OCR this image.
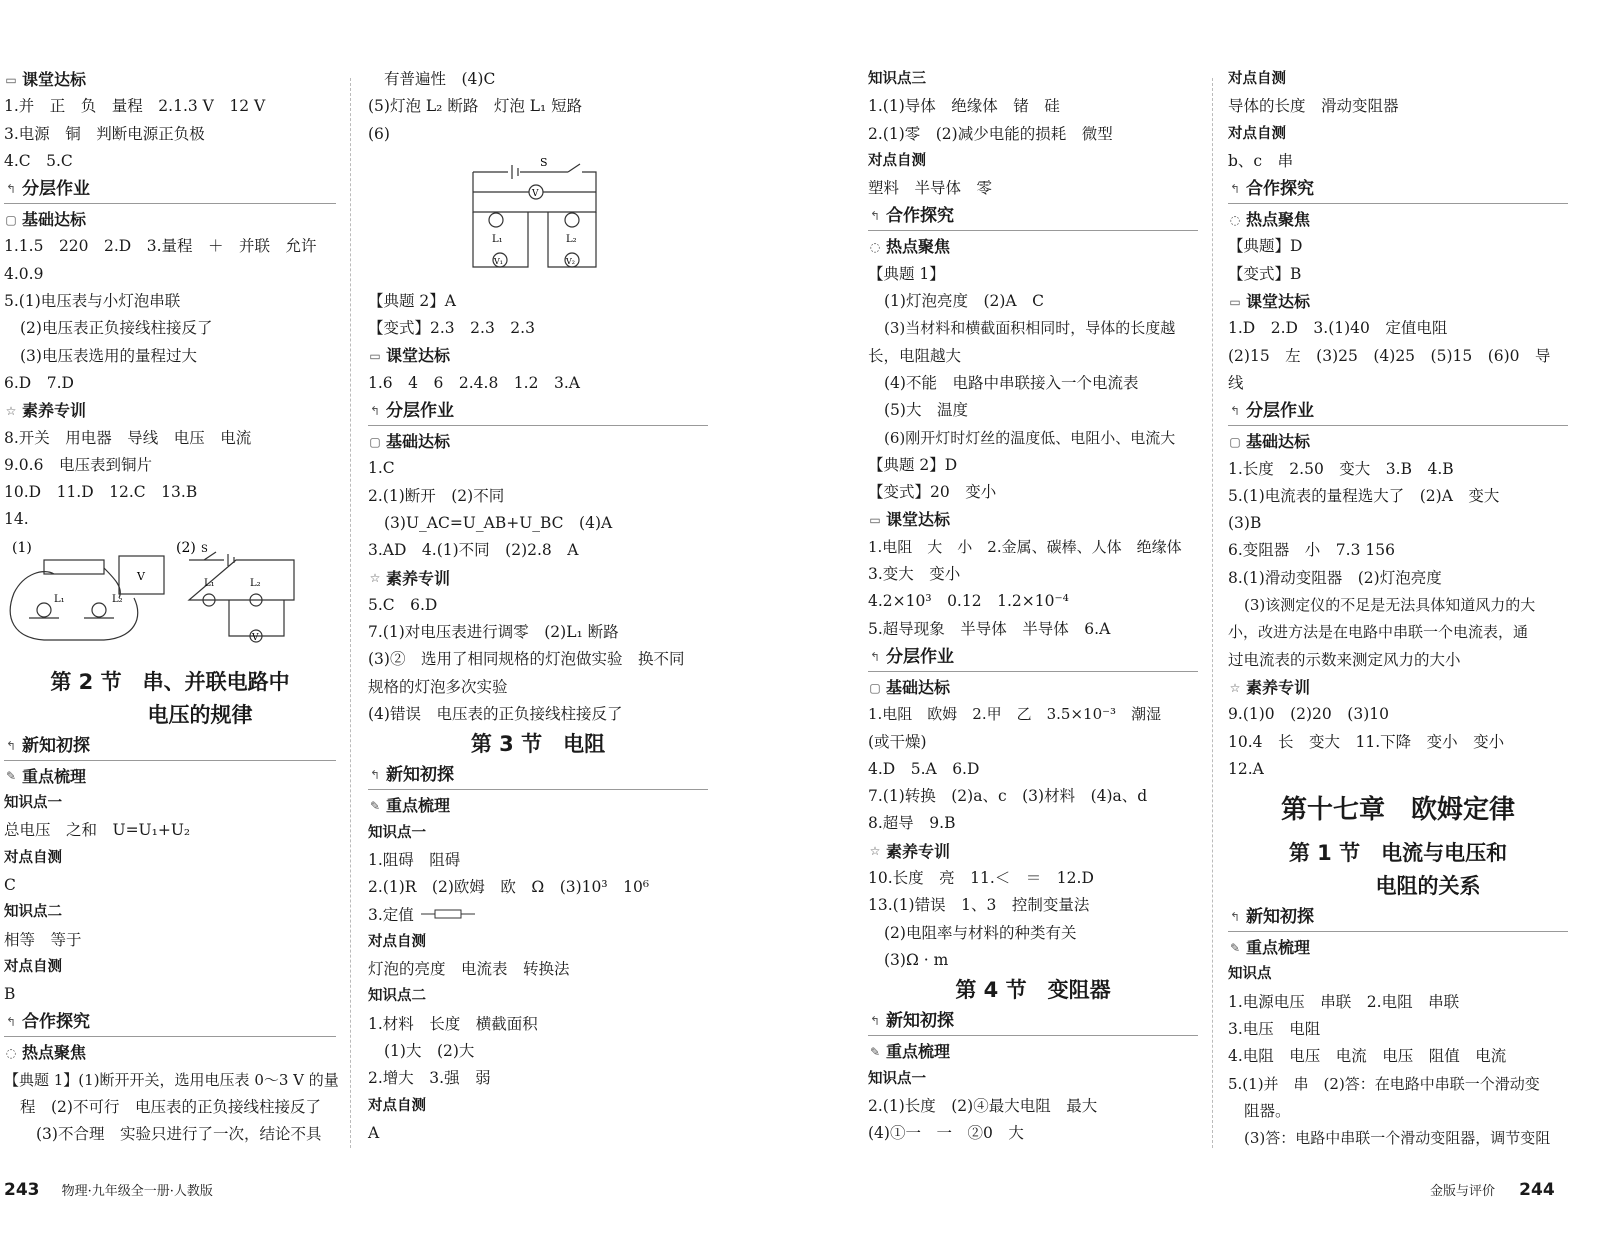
▭ 课堂达标
1.并　正　负　量程　2.1.3 V　12 V
3.电源　铜　判断电源正负极
4.C　5.C
↰ 分层作业
▢ 基础达标
1.1.5　220　2.D　3.量程　＋　并联　允许
4.0.9
5.(1)电压表与小灯泡串联
(2)电压表正负接线柱接反了
(3)电压表选用的量程过大
6.D　7.D
☆ 素养专训
8.开关　用电器　导线　电压　电流
9.0.6　电压表到铜片
10.D　11.D　12.C　13.B
14.
(1)	(2)
L₁	L₂
V
S
L₁	L₂
V
第 2 节　串、并联电路中
电压的规律
↰ 新知初探
✎ 重点梳理
知识点一
总电压　之和　U=U₁+U₂
对点自测
C
知识点二
相等　等于
对点自测
B
↰ 合作探究
◌ 热点聚焦
【典题 1】(1)断开开关，选用电压表 0～3 V 的量
程　(2)不可行　电压表的正负接线柱接反了
(3)不合理　实验只进行了一次，结论不具
有普遍性　(4)C
(5)灯泡 L₂ 断路　灯泡 L₁ 短路
(6)
S
V
L₁	L₂
V₁	V₂
【典题 2】A
【变式】2.3　2.3　2.3
▭ 课堂达标
1.6　4　6　2.4.8　1.2　3.A
↰ 分层作业
▢ 基础达标
1.C
2.(1)断开　(2)不同
(3)U_AC=U_AB+U_BC　(4)A
3.AD　4.(1)不同　(2)2.8　A
☆ 素养专训
5.C　6.D
7.(1)对电压表进行调零　(2)L₁ 断路
(3)②　选用了相同规格的灯泡做实验　换不同
规格的灯泡多次实验
(4)错误　电压表的正负接线柱接反了
第 3 节　电阻
↰ 新知初探
✎ 重点梳理
知识点一
1.阻碍　阻碍
2.(1)R　(2)欧姆　欧　Ω　(3)10³　10⁶
3.定值
对点自测
灯泡的亮度　电流表　转换法
知识点二
1.材料　长度　横截面积
(1)大　(2)大
2.增大　3.强　弱
对点自测
A
知识点三
1.(1)导体　绝缘体　锗　硅
2.(1)零　(2)减少电能的损耗　微型
对点自测
塑料　半导体　零
↰ 合作探究
◌ 热点聚焦
【典题 1】
(1)灯泡亮度　(2)A　C
(3)当材料和横截面积相同时，导体的长度越
长，电阻越大
(4)不能　电路中串联接入一个电流表
(5)大　温度
(6)刚开灯时灯丝的温度低、电阻小、电流大
【典题 2】D
【变式】20　变小
▭ 课堂达标
1.电阻　大　小　2.金属、碳棒、人体　绝缘体
3.变大　变小
4.2×10³　0.12　1.2×10⁻⁴
5.超导现象　半导体　半导体　6.A
↰ 分层作业
▢ 基础达标
1.电阻　欧姆　2.甲　乙　3.5×10⁻³　潮湿
(或干燥)
4.D　5.A　6.D
7.(1)转换　(2)a、c　(3)材料　(4)a、d
8.超导　9.B
☆ 素养专训
10.长度　亮　11.＜　＝　12.D
13.(1)错误　1、3　控制变量法
(2)电阻率与材料的种类有关
(3)Ω · m
第 4 节　变阻器
↰ 新知初探
✎ 重点梳理
知识点一
2.(1)长度　(2)④最大电阻　最大
(4)①一　一　②0　大
对点自测
导体的长度　滑动变阻器
对点自测
b、c　串
↰ 合作探究
◌ 热点聚焦
【典题】D
【变式】B
▭ 课堂达标
1.D　2.D　3.(1)40　定值电阻
(2)15　左　(3)25　(4)25　(5)15　(6)0　导
线
↰ 分层作业
▢ 基础达标
1.长度　2.50　变大　3.B　4.B
5.(1)电流表的量程选大了　(2)A　变大
(3)B
6.变阻器　小　7.3 156
8.(1)滑动变阻器　(2)灯泡亮度
(3)该测定仪的不足是无法具体知道风力的大
小，改进方法是在电路中串联一个电流表，通
过电流表的示数来测定风力的大小
☆ 素养专训
9.(1)0　(2)20　(3)10
10.4　长　变大　11.下降　变小　变小
12.A
第十七章　欧姆定律
第 1 节　电流与电压和
电阻的关系
↰ 新知初探
✎ 重点梳理
知识点
1.电源电压　串联　2.电阻　串联
3.电压　电阻
4.电阻　电压　电流　电压　阻值　电流
5.(1)并　串　(2)答：在电路中串联一个滑动变
阻器。
(3)答：电路中串联一个滑动变阻器，调节变阻
243 物理·九年级全一册·人教版	金版与评价 244
